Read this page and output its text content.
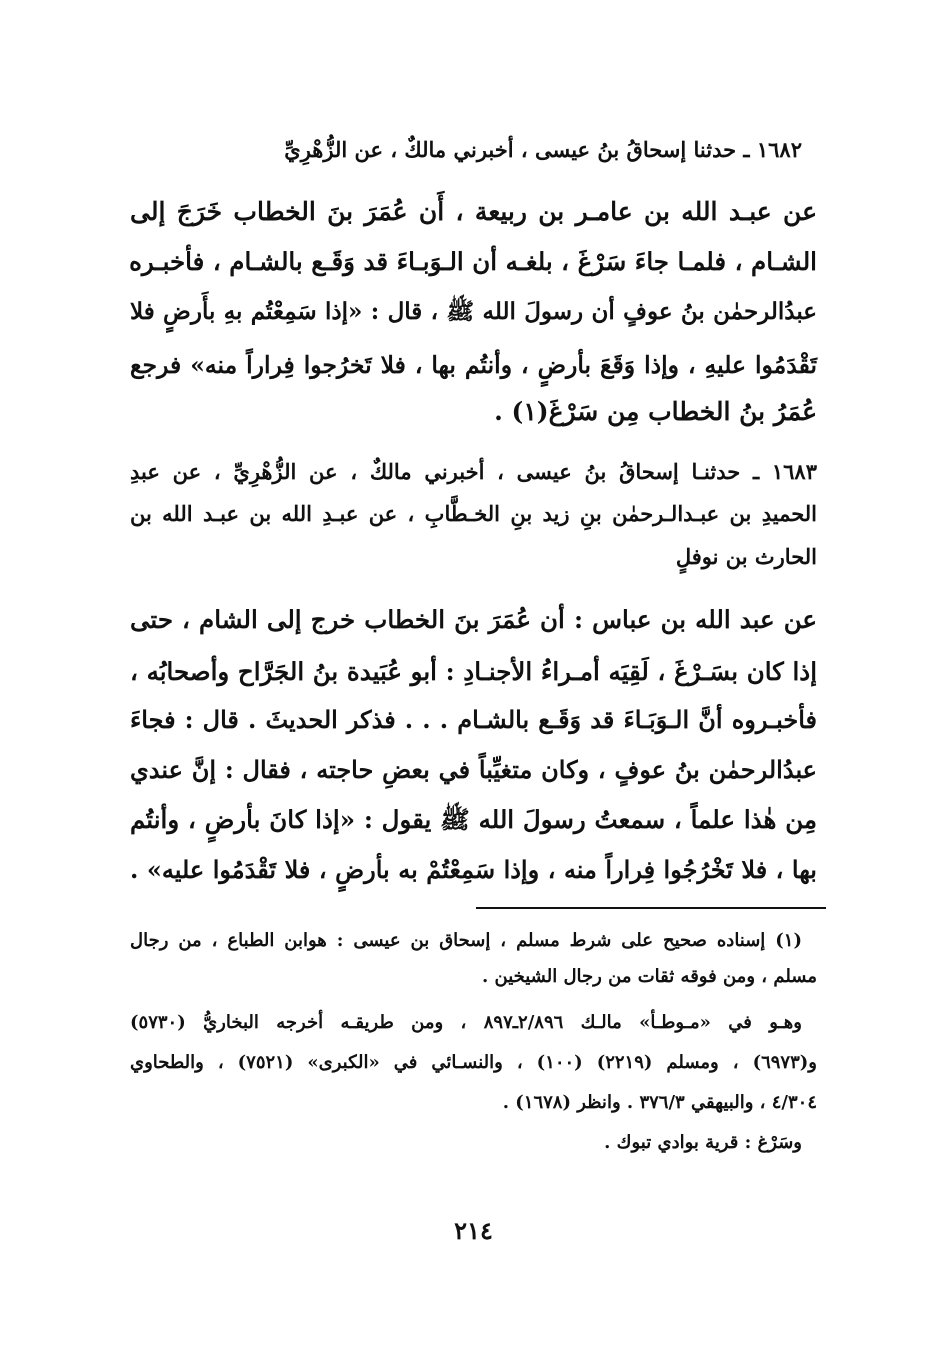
١٦٨٢ ـ حدثنا إسحاقُ بنُ عيسى ، أخبرني مالكٌ ، عن الزُّهْرِيِّ
عن عبـد الله بن عامـر بن ربيعة ، أَن عُمَرَ بنَ الخطاب خَرَجَ إلى
الشـام ، فلمـا جاءَ سَرْغَ ، بلغـه أن الـوَبـاءَ قد وَقَـع بالشـام ، فأخبـره
عبدُالرحمٰن بنُ عوفٍ أن رسولَ الله ﷺ ، قال : «إذا سَمِعْتُم بهِ بأَرضٍ فلا
تَقْدَمُوا عليهِ ، وإذا وَقَعَ بأرضٍ ، وأنتُم بها ، فلا تَخرُجوا فِراراً منه» فرجع
عُمَرُ بنُ الخطاب مِن سَرْغَ(١) .
١٦٨٣ ـ حدثنـا إسحاقُ بنُ عيسى ، أخبرني مالكٌ ، عن الزُّهْرِيِّ ، عن عبدِ
الحميدِ بن عبـدالـرحمٰن بنِ زيد بنِ الخـطَّابِ ، عن عبـدِ الله بن عبـد الله بن
الحارث بن نوفلٍ
عن عبد الله بن عباس : أن عُمَرَ بنَ الخطاب خرج إلى الشام ، حتى
إذا كان بسَـرْغَ ، لَقِيَه أمـراءُ الأجنـادِ : أبو عُبَيدة بنُ الجَرَّاح وأصحابُه ،
فأخبـروه أنَّ الـوَبَـاءَ قد وَقَـع بالشـام . . . فذكر الحديثَ . قال : فجاءَ
عبدُالرحمٰن بنُ عوفٍ ، وكان متغيِّباً في بعضِ حاجته ، فقال : إنَّ عندي
مِن هٰذا علماً ، سمعتُ رسولَ الله ﷺ يقول : «إذا كانَ بأرضٍ ، وأنتُم
بها ، فلا تَخْرُجُوا فِراراً منه ، وإذا سَمِعْتُمْ به بأرضٍ ، فلا تَقْدَمُوا عليه» .
(١) إسناده صحيح على شرط مسلم ، إسحاق بن عيسى : هوابن الطباع ، من رجال
مسلم ، ومن فوقه ثقات من رجال الشيخين .
وهـو في «مـوطـأ» مالـك ٢/٨٩٦ـ٨٩٧ ، ومن طريقـه أخرجه البخاريُّ (٥٧٣٠)
و(٦٩٧٣) ، ومسلم (٢٢١٩) (١٠٠) ، والنسـائي في «الكبرى» (٧٥٢١) ، والطحاوي
٤/٣٠٤ ، والبيهقي ٣٧٦/٣ . وانظر (١٦٧٨) .
وسَرْغ : قرية بوادي تبوك .
٢١٤
